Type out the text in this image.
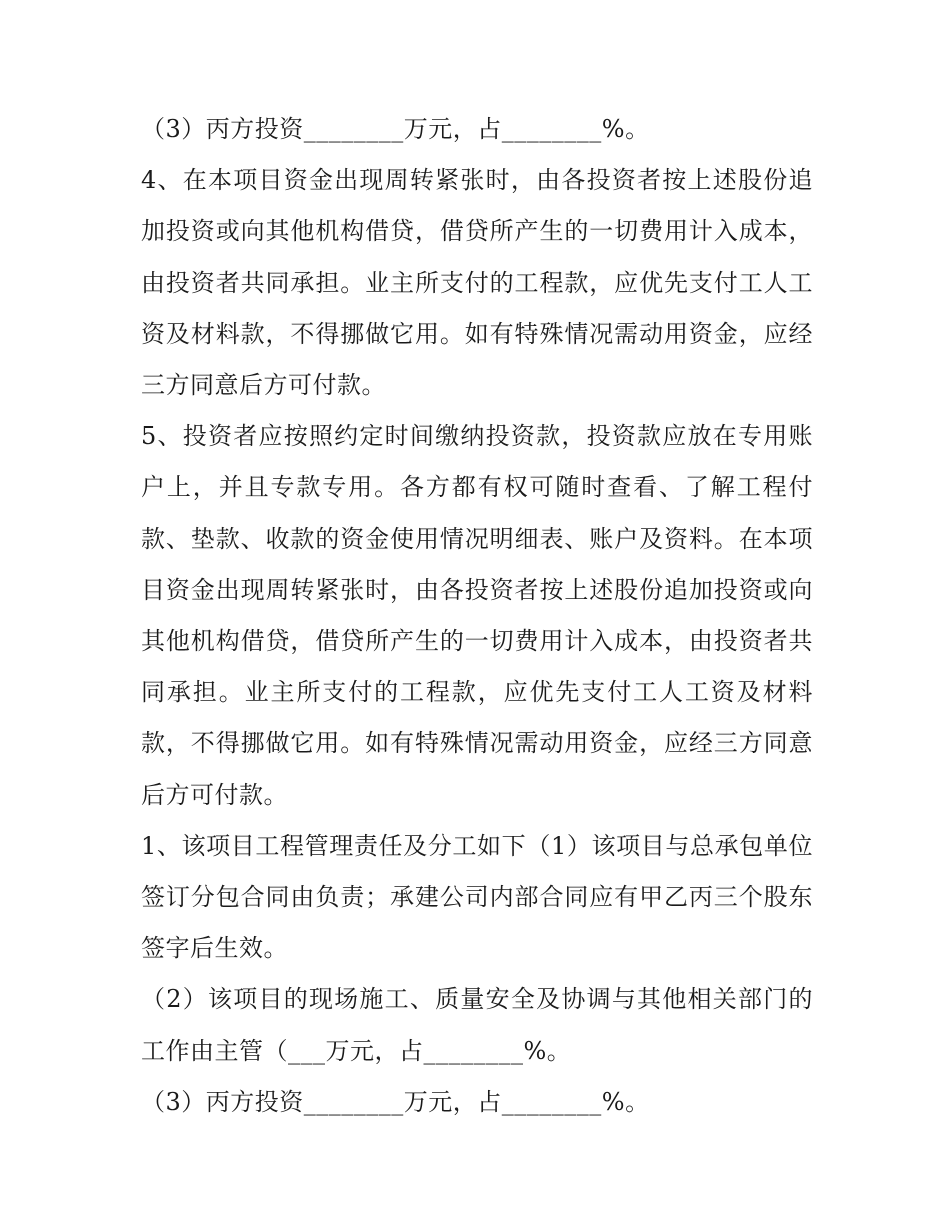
（3）丙方投资________万元，占________%。

4、在本项目资金出现周转紧张时，由各投资者按上述股份追加投资或向其他机构借贷，借贷所产生的一切费用计入成本，由投资者共同承担。业主所支付的工程款，应优先支付工人工资及材料款，不得挪做它用。如有特殊情况需动用资金，应经三方同意后方可付款。

5、投资者应按照约定时间缴纳投资款，投资款应放在专用账户上，并且专款专用。各方都有权可随时查看、了解工程付款、垫款、收款的资金使用情况明细表、账户及资料。在本项目资金出现周转紧张时，由各投资者按上述股份追加投资或向其他机构借贷，借贷所产生的一切费用计入成本，由投资者共同承担。业主所支付的工程款，应优先支付工人工资及材料款，不得挪做它用。如有特殊情况需动用资金，应经三方同意后方可付款。

1、该项目工程管理责任及分工如下（1）该项目与总承包单位签订分包合同由负责；承建公司内部合同应有甲乙丙三个股东签字后生效。

（2）该项目的现场施工、质量安全及协调与其他相关部门的工作由主管（___万元，占________%。

（3）丙方投资________万元，占________%。
